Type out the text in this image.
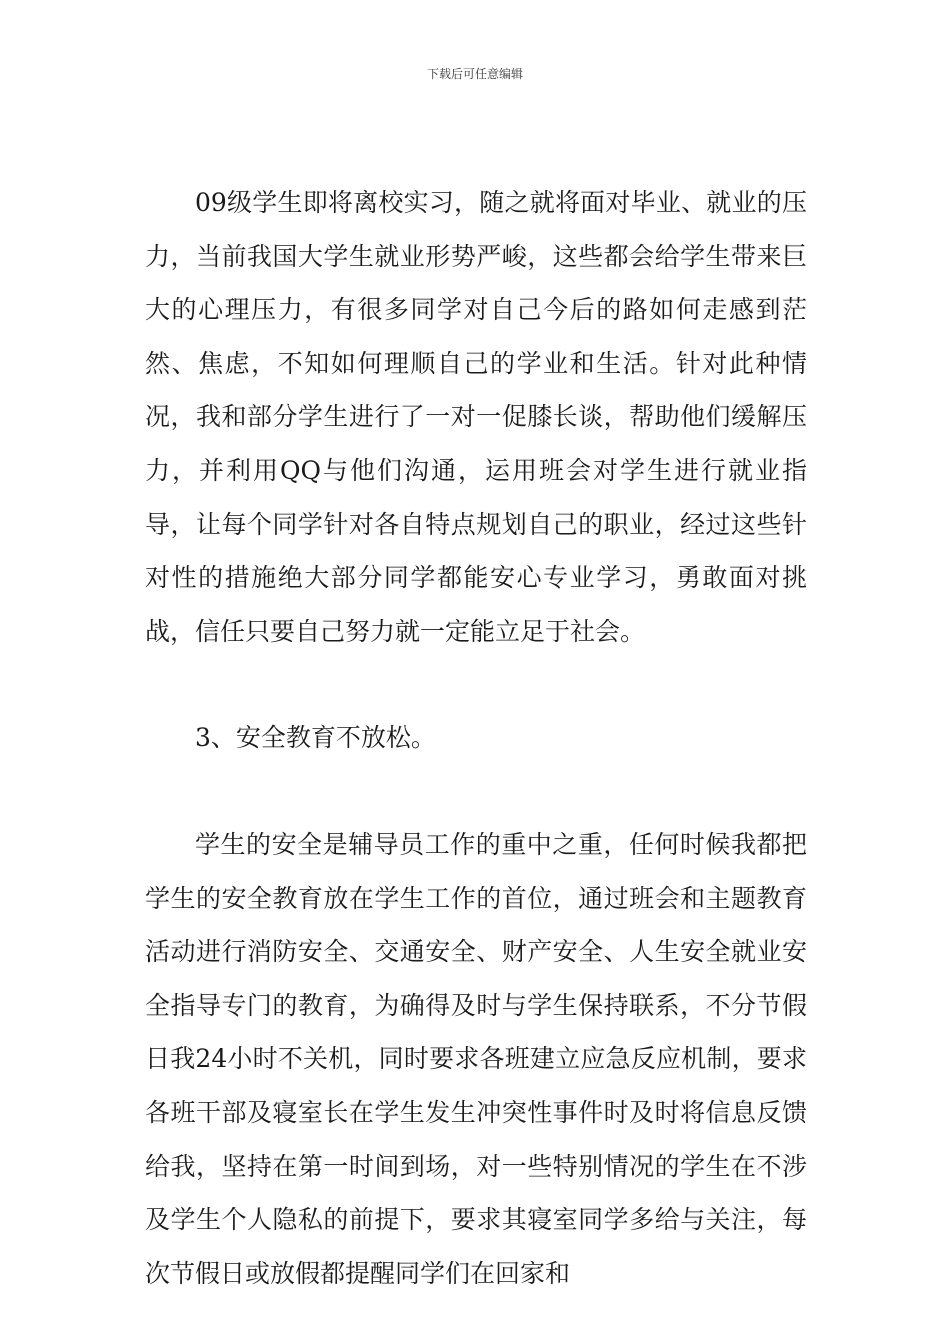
下载后可任意编辑

09级学生即将离校实习，随之就将面对毕业、就业的压力，当前我国大学生就业形势严峻，这些都会给学生带来巨大的心理压力，有很多同学对自己今后的路如何走感到茫然、焦虑，不知如何理顺自己的学业和生活。针对此种情况，我和部分学生进行了一对一促膝长谈，帮助他们缓解压力，并利用QQ与他们沟通，运用班会对学生进行就业指导，让每个同学针对各自特点规划自己的职业，经过这些针对性的措施绝大部分同学都能安心专业学习，勇敢面对挑战，信任只要自己努力就一定能立足于社会。

3、安全教育不放松。

学生的安全是辅导员工作的重中之重，任何时候我都把学生的安全教育放在学生工作的首位，通过班会和主题教育活动进行消防安全、交通安全、财产安全、人生安全就业安全指导专门的教育，为确得及时与学生保持联系，不分节假日我24小时不关机，同时要求各班建立应急反应机制，要求各班干部及寝室长在学生发生冲突性事件时及时将信息反馈给我，坚持在第一时间到场，对一些特别情况的学生在不涉及学生个人隐私的前提下，要求其寝室同学多给与关注，每次节假日或放假都提醒同学们在回家和
